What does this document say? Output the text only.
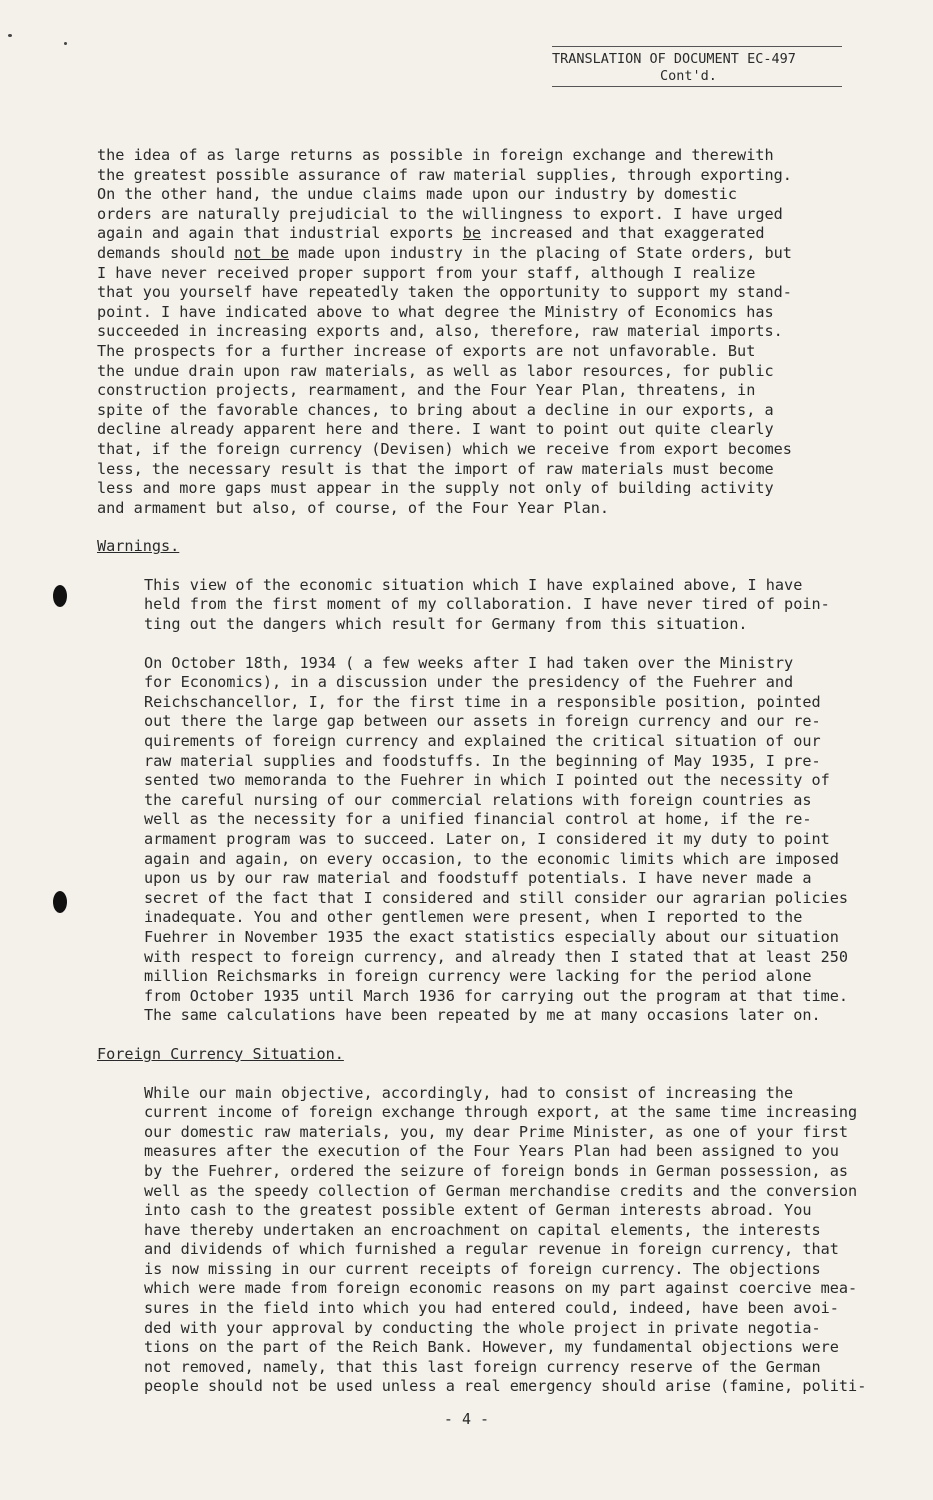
TRANSLATION OF DOCUMENT EC-497
Cont'd.
the idea of as large returns as possible in foreign exchange and therewith
the greatest possible assurance of raw material supplies, through exporting.
On the other hand, the undue claims made upon our industry by domestic
orders are naturally prejudicial to the willingness to export. I have urged
again and again that industrial exports be increased and that exaggerated
demands should not be made upon industry in the placing of State orders, but
I have never received proper support from your staff, although I realize
that you yourself have repeatedly taken the opportunity to support my stand-
point. I have indicated above to what degree the Ministry of Economics has
succeeded in increasing exports and, also, therefore, raw material imports.
The prospects for a further increase of exports are not unfavorable. But
the undue drain upon raw materials, as well as labor resources, for public
construction projects, rearmament, and the Four Year Plan, threatens, in
spite of the favorable chances, to bring about a decline in our exports, a
decline already apparent here and there. I want to point out quite clearly
that, if the foreign currency (Devisen) which we receive from export becomes
less, the necessary result is that the import of raw materials must become
less and more gaps must appear in the supply not only of building activity
and armament but also, of course, of the Four Year Plan.
Warnings.
This view of the economic situation which I have explained above, I have
held from the first moment of my collaboration. I have never tired of poin-
ting out the dangers which result for Germany from this situation.
On October 18th, 1934 ( a few weeks after I had taken over the Ministry
for Economics), in a discussion under the presidency of the Fuehrer and
Reichschancellor, I, for the first time in a responsible position, pointed
out there the large gap between our assets in foreign currency and our re-
quirements of foreign currency and explained the critical situation of our
raw material supplies and foodstuffs. In the beginning of May 1935, I pre-
sented two memoranda to the Fuehrer in which I pointed out the necessity of
the careful nursing of our commercial relations with foreign countries as
well as the necessity for a unified financial control at home, if the re-
armament program was to succeed. Later on, I considered it my duty to point
again and again, on every occasion, to the economic limits which are imposed
upon us by our raw material and foodstuff potentials. I have never made a
secret of the fact that I considered and still consider our agrarian policies
inadequate. You and other gentlemen were present, when I reported to the
Fuehrer in November 1935 the exact statistics especially about our situation
with respect to foreign currency, and already then I stated that at least 250
million Reichsmarks in foreign currency were lacking for the period alone
from October 1935 until March 1936 for carrying out the program at that time.
The same calculations have been repeated by me at many occasions later on.
Foreign Currency Situation.
While our main objective, accordingly, had to consist of increasing the
current income of foreign exchange through export, at the same time increasing
our domestic raw materials, you, my dear Prime Minister, as one of your first
measures after the execution of the Four Years Plan had been assigned to you
by the Fuehrer, ordered the seizure of foreign bonds in German possession, as
well as the speedy collection of German merchandise credits and the conversion
into cash to the greatest possible extent of German interests abroad. You
have thereby undertaken an encroachment on capital elements, the interests
and dividends of which furnished a regular revenue in foreign currency, that
is now missing in our current receipts of foreign currency. The objections
which were made from foreign economic reasons on my part against coercive mea-
sures in the field into which you had entered could, indeed, have been avoi-
ded with your approval by conducting the whole project in private negotia-
tions on the part of the Reich Bank. However, my fundamental objections were
not removed, namely, that this last foreign currency reserve of the German
people should not be used unless a real emergency should arise (famine, politi-
- 4 -
